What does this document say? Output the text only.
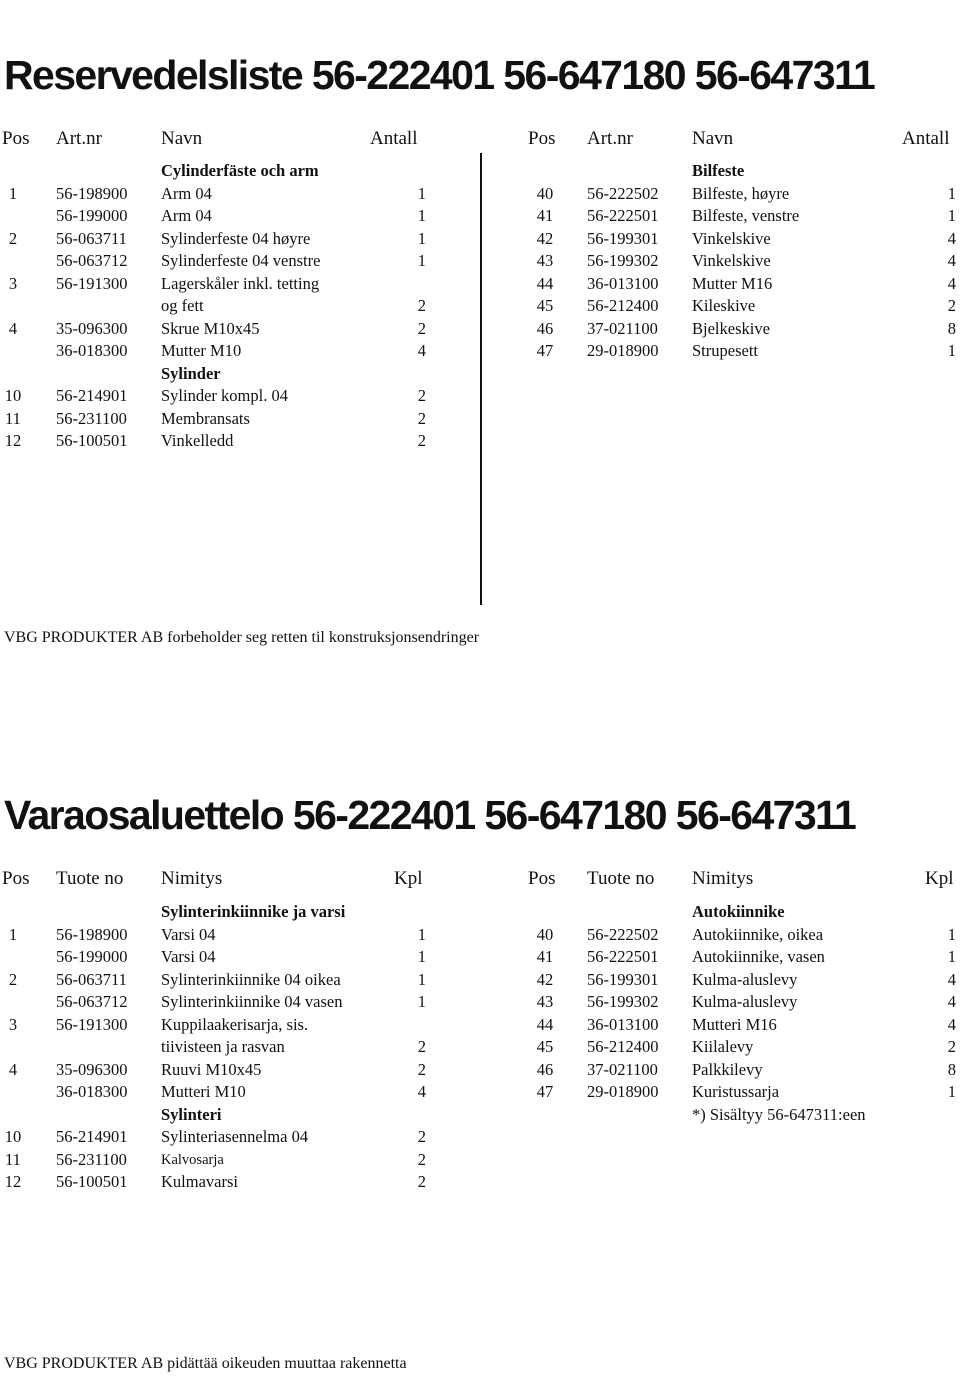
Reservedelsliste 56-222401 56-647180 56-647311
Pos Art.nr	Navn	Antall	Pos Art.nr	Navn	Antall
Cylinderfäste och arm
1	56-198900 Arm 04	1
56-199000 Arm 04	1
2	56-063711 Sylinderfeste 04 høyre	1
56-063712 Sylinderfeste 04 venstre	1
3	56-191300 Lagerskåler inkl. tetting
og fett	2
4	35-096300 Skrue M10x45	2
36-018300 Mutter M10	4
Sylinder
10 56-214901 Sylinder kompl. 04	2
11	56-231100 Membransats	2
12 56-100501 Vinkelledd	2
Bilfeste
40	56-222502 Bilfeste, høyre	1
41	56-222501 Bilfeste, venstre	1
42	56-199301 Vinkelskive	4
43	56-199302 Vinkelskive	4
44	36-013100 Mutter M16	4
45	56-212400 Kileskive	2
46	37-021100 Bjelkeskive	8
47	29-018900 Strupesett	1
VBG PRODUKTER AB forbeholder seg retten til konstruksjonsendringer
Varaosaluettelo 56-222401 56-647180 56-647311
Pos Tuote no Nimitys	Kpl	Pos Tuote no Nimitys	Kpl
Sylinterinkiinnike ja varsi
1	56-198900 Varsi 04	1
56-199000 Varsi 04	1
2	56-063711 Sylinterinkiinnike 04 oikea	1
56-063712 Sylinterinkiinnike 04 vasen	1
3	56-191300 Kuppilaakerisarja, sis.
tiivisteen ja rasvan	2
4	35-096300 Ruuvi M10x45	2
36-018300 Mutteri M10	4
Sylinteri
10 56-214901 Sylinteriasennelma 04	2
11	56-231100 Kalvosarja	2
12 56-100501 Kulmavarsi	2
Autokiinnike
40	56-222502 Autokiinnike, oikea	1
41	56-222501 Autokiinnike, vasen	1
42	56-199301 Kulma-aluslevy	4
43	56-199302 Kulma-aluslevy	4
44	36-013100 Mutteri M16	4
45	56-212400 Kiilalevy	2
46	37-021100 Palkkilevy	8
47	29-018900 Kuristussarja	1
*) Sisältyy 56-647311:een
VBG PRODUKTER AB pidättää oikeuden muuttaa rakennetta
